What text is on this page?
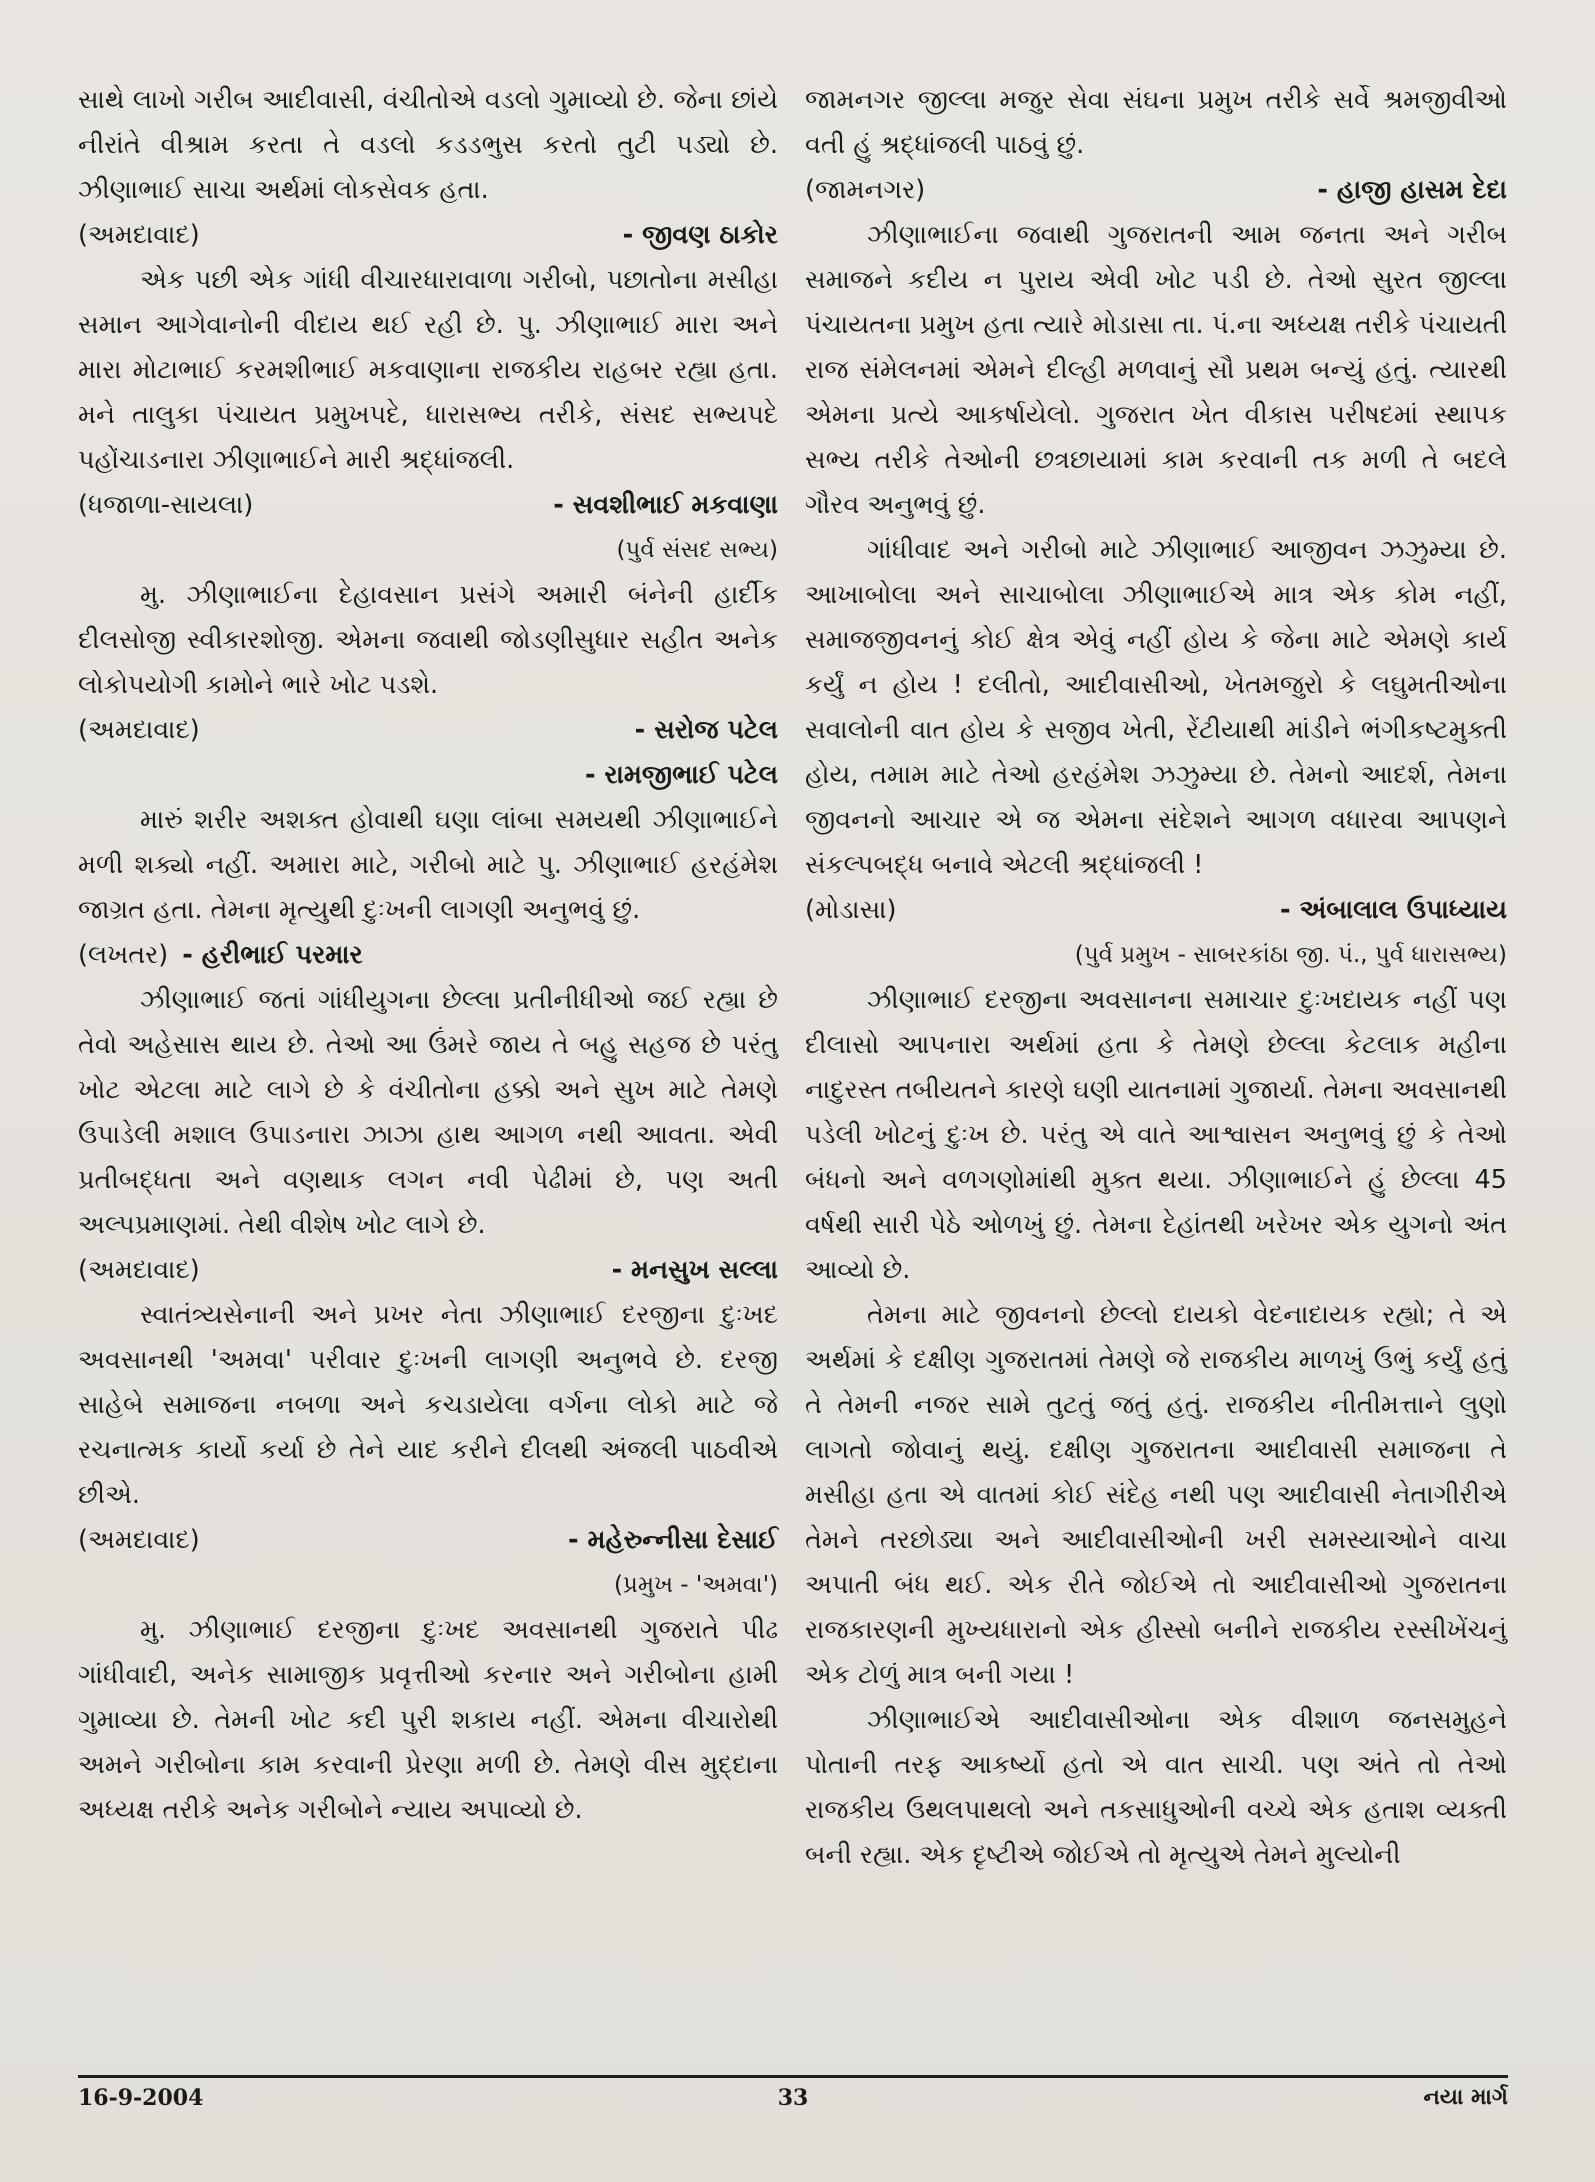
સાથે લાખો ગરીબ આદીવાસી, વંચીતોએ વડલો ગુમાવ્યો છે. જેના છાંયે નીરાંતે વીશ્રામ કરતા તે વડલો કડડભુસ કરતો તુટી પડ્યો છે. ઝીણાભાઈ સાચા અર્થમાં લોકસેવક હતા.

(અમદાવાદ)	- જીવણ ઠાકોર

એક પછી એક ગાંધી વીચારધારાવાળા ગરીબો, પછાતોના મસીહા સમાન આગેવાનોની વીદાય થઈ રહી છે. પુ. ઝીણાભાઈ મારા અને મારા મોટાભાઈ કરમશીભાઈ મકવાણાના રાજકીય રાહબર રહ્યા હતા. મને તાલુકા પંચાયત પ્રમુખપદે, ધારાસભ્ય તરીકે, સંસદ સભ્યપદે પહોંચાડનારા ઝીણાભાઈને મારી શ્રદ્ધાંજલી.

(ધજાળા-સાયલા)	- સવશીભાઈ મકવાણા

(પુર્વ સંસદ સભ્ય)

મુ. ઝીણાભાઈના દેહાવસાન પ્રસંગે અમારી બંનેની હાર્દીક દીલસોજી સ્વીકારશોજી. એમના જવાથી જોડણીસુધાર સહીત અનેક લોકોપયોગી કામોને ભારે ખોટ પડશે.

(અમદાવાદ)	- સરોજ પટેલ

- રામજીભાઈ પટેલ

મારું શરીર અશક્ત હોવાથી ઘણા લાંબા સમયથી ઝીણાભાઈને મળી શક્યો નહીં. અમારા માટે, ગરીબો માટે પુ. ઝીણાભાઈ હરહંમેશ જાગ્રત હતા. તેમના મૃત્યુથી દુઃખની લાગણી અનુભવું છું.

(લખતર) - હરીભાઈ પરમાર

ઝીણાભાઈ જતાં ગાંધીયુગના છેલ્લા પ્રતીનીધીઓ જઈ રહ્યા છે તેવો અહેસાસ થાય છે. તેઓ આ ઉંમરે જાય તે બહુ સહજ છે પરંતુ ખોટ એટલા માટે લાગે છે કે વંચીતોના હક્કો અને સુખ માટે તેમણે ઉપાડેલી મશાલ ઉપાડનારા ઝાઝા હાથ આગળ નથી આવતા. એવી પ્રતીબદ્ધતા અને વણથાક લગન નવી પેઢીમાં છે, પણ અતી અલ્પપ્રમાણમાં. તેથી વીશેષ ખોટ લાગે છે.

(અમદાવાદ)	- મનસુખ સલ્લા

સ્વાતંત્ર્યસેનાની અને પ્રખર નેતા ઝીણાભાઈ દરજીના દુઃખદ અવસાનથી 'અમવા' પરીવાર દુઃખની લાગણી અનુભવે છે. દરજી સાહેબે સમાજના નબળા અને કચડાયેલા વર્ગના લોકો માટે જે રચનાત્મક કાર્યો કર્યા છે તેને યાદ કરીને દીલથી અંજલી પાઠવીએ છીએ.

(અમદાવાદ)	- મહેરુન્નીસા દેસાઈ

(પ્રમુખ - 'અમવા')

મુ. ઝીણાભાઈ દરજીના દુઃખદ અવસાનથી ગુજરાતે પીઢ ગાંધીવાદી, અનેક સામાજીક પ્રવૃત્તીઓ કરનાર અને ગરીબોના હામી ગુમાવ્યા છે. તેમની ખોટ કદી પુરી શકાય નહીં. એમના વીચારોથી અમને ગરીબોના કામ કરવાની પ્રેરણા મળી છે. તેમણે વીસ મુદ્દાના અધ્યક્ષ તરીકે અનેક ગરીબોને ન્યાય અપાવ્યો છે.

જામનગર જીલ્લા મજુર સેવા સંઘના પ્રમુખ તરીકે સર્વે શ્રમજીવીઓ વતી હું શ્રદ્ધાંજલી પાઠવું છું.

(જામનગર)	- હાજી હાસમ દેદા

ઝીણાભાઈના જવાથી ગુજરાતની આમ જનતા અને ગરીબ સમાજને કદીય ન પુરાય એવી ખોટ પડી છે. તેઓ સુરત જીલ્લા પંચાયતના પ્રમુખ હતા ત્યારે મોડાસા તા. પં.ના અધ્યક્ષ તરીકે પંચાયતી રાજ સંમેલનમાં એમને દીલ્હી મળવાનું સૌ પ્રથમ બન્યું હતું. ત્યારથી એમના પ્રત્યે આકર્ષાયેલો. ગુજરાત ખેત વીકાસ પરીષદમાં સ્થાપક સભ્ય તરીકે તેઓની છત્રછાયામાં કામ કરવાની તક મળી તે બદલે ગૌરવ અનુભવું છું.

ગાંધીવાદ અને ગરીબો માટે ઝીણાભાઈ આજીવન ઝઝુમ્યા છે. આખાબોલા અને સાચાબોલા ઝીણાભાઈએ માત્ર એક કોમ નહીં, સમાજજીવનનું કોઈ ક્ષેત્ર એવું નહીં હોય કે જેના માટે એમણે કાર્ય કર્યું ન હોય ! દલીતો, આદીવાસીઓ, ખેતમજુરો કે લઘુમતીઓના સવાલોની વાત હોય કે સજીવ ખેતી, રેંટીયાથી માંડીને ભંગીકષ્ટમુક્તી હોય, તમામ માટે તેઓ હરહંમેશ ઝઝુમ્યા છે. તેમનો આદર્શ, તેમના જીવનનો આચાર એ જ એમના સંદેશને આગળ વધારવા આપણને સંકલ્પબદ્ધ બનાવે એટલી શ્રદ્ધાંજલી !

(મોડાસા)	- અંબાલાલ ઉપાધ્યાય

(પુર્વ પ્રમુખ - સાબરકાંઠા જી. પં., પુર્વ ધારાસભ્ય)

ઝીણાભાઈ દરજીના અવસાનના સમાચાર દુઃખદાયક નહીં પણ દીલાસો આપનારા અર્થમાં હતા કે તેમણે છેલ્લા કેટલાક મહીના નાદુરસ્ત તબીયતને કારણે ઘણી યાતનામાં ગુજાર્યા. તેમના અવસાનથી પડેલી ખોટનું દુઃખ છે. પરંતુ એ વાતે આશ્વાસન અનુભવું છું કે તેઓ બંધનો અને વળગણોમાંથી મુક્ત થયા. ઝીણાભાઈને હું છેલ્લા 45 વર્ષથી સારી પેઠે ઓળખું છું. તેમના દેહાંતથી ખરેખર એક યુગનો અંત આવ્યો છે.

તેમના માટે જીવનનો છેલ્લો દાયકો વેદનાદાયક રહ્યો; તે એ અર્થમાં કે દક્ષીણ ગુજરાતમાં તેમણે જે રાજકીય માળખું ઉભું કર્યું હતું તે તેમની નજર સામે તુટતું જતું હતું. રાજકીય નીતીમત્તાને લુણો લાગતો જોવાનું થયું. દક્ષીણ ગુજરાતના આદીવાસી સમાજના તે મસીહા હતા એ વાતમાં કોઈ સંદેહ નથી પણ આદીવાસી નેતાગીરીએ તેમને તરછોડ્યા અને આદીવાસીઓની ખરી સમસ્યાઓને વાચા અપાતી બંધ થઈ. એક રીતે જોઈએ તો આદીવાસીઓ ગુજરાતના રાજકારણની મુખ્યધારાનો એક હીસ્સો બનીને રાજકીય રસ્સીખેંચનું એક ટોળું માત્ર બની ગયા !

ઝીણાભાઈએ આદીવાસીઓના એક વીશાળ જનસમુહને પોતાની તરફ આકર્ષ્યો હતો એ વાત સાચી. પણ અંતે તો તેઓ રાજકીય ઉથલપાથલો અને તકસાધુઓની વચ્ચે એક હતાશ વ્યક્તી બની રહ્યા. એક દૃષ્ટીએ જોઈએ તો મૃત્યુએ તેમને મુલ્યોની

16-9-2004	33	નયા માર્ગ
